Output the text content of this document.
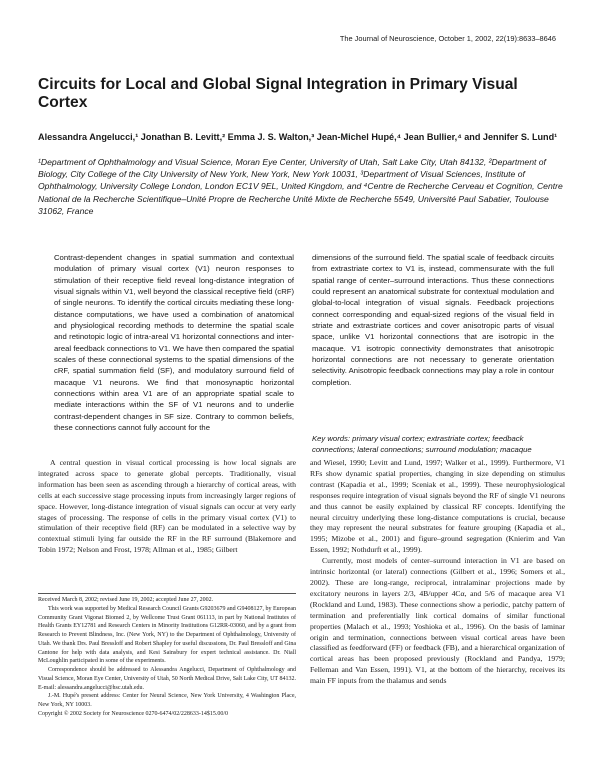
The Journal of Neuroscience, October 1, 2002, 22(19):8633–8646
Circuits for Local and Global Signal Integration in Primary Visual Cortex
Alessandra Angelucci,¹ Jonathan B. Levitt,² Emma J. S. Walton,³ Jean-Michel Hupé,⁴ Jean Bullier,⁴ and Jennifer S. Lund¹
¹Department of Ophthalmology and Visual Science, Moran Eye Center, University of Utah, Salt Lake City, Utah 84132, ²Department of Biology, City College of the City University of New York, New York, New York 10031, ³Department of Visual Sciences, Institute of Ophthalmology, University College London, London EC1V 9EL, United Kingdom, and ⁴Centre de Recherche Cerveau et Cognition, Centre National de la Recherche Scientifique–Unité Propre de Recherche Unité Mixte de Recherche 5549, Université Paul Sabatier, Toulouse 31062, France
Contrast-dependent changes in spatial summation and contextual modulation of primary visual cortex (V1) neuron responses to stimulation of their receptive field reveal long-distance integration of visual signals within V1, well beyond the classical receptive field (cRF) of single neurons. To identify the cortical circuits mediating these long-distance computations, we have used a combination of anatomical and physiological recording methods to determine the spatial scale and retinotopic logic of intra-areal V1 horizontal connections and inter-areal feedback connections to V1. We have then compared the spatial scales of these connectional systems to the spatial dimensions of the cRF, spatial summation field (SF), and modulatory surround field of macaque V1 neurons. We find that monosynaptic horizontal connections within area V1 are of an appropriate spatial scale to mediate interactions within the SF of V1 neurons and to underlie contrast-dependent changes in SF size. Contrary to common beliefs, these connections cannot fully account for the
dimensions of the surround field. The spatial scale of feedback circuits from extrastriate cortex to V1 is, instead, commensurate with the full spatial range of center–surround interactions. Thus these connections could represent an anatomical substrate for contextual modulation and global-to-local integration of visual signals. Feedback projections connect corresponding and equal-sized regions of the visual field in striate and extrastriate cortices and cover anisotropic parts of visual space, unlike V1 horizontal connections that are isotropic in the macaque. V1 isotropic connectivity demonstrates that anisotropic horizontal connections are not necessary to generate orientation selectivity. Anisotropic feedback connections may play a role in contour completion.
Key words: primary visual cortex; extrastriate cortex; feedback connections; lateral connections; surround modulation; macaque

A central question in visual cortical processing is how local signals are integrated across space to generate global percepts. Traditionally, visual information has been seen as ascending through a hierarchy of cortical areas, with cells at each successive stage processing inputs from increasingly larger regions of space. However, long-distance integration of visual signals can occur at very early stages of processing. The response of cells in the primary visual cortex (V1) to stimulation of their receptive field (RF) can be modulated in a selective way by contextual stimuli lying far outside the RF in the RF surround (Blakemore and Tobin 1972; Nelson and Frost, 1978; Allman et al., 1985; Gilbert

and Wiesel, 1990; Levitt and Lund, 1997; Walker et al., 1999). Furthermore, V1 RFs show dynamic spatial properties, changing in size depending on stimulus contrast (Kapadia et al., 1999; Sceniak et al., 1999). These neurophysiological responses require integration of visual signals beyond the RF of single V1 neurons and thus cannot be easily explained by classical RF concepts. Identifying the neural circuitry underlying these long-distance computations is crucial, because they may represent the neural substrates for feature grouping (Kapadia et al., 1995; Mizobe et al., 2001) and figure–ground segregation (Knierim and Van Essen, 1992; Nothdurft et al., 1999).

Currently, most models of center–surround interaction in V1 are based on intrinsic horizontal (or lateral) connections (Gilbert et al., 1996; Somers et al., 2002). These are long-range, reciprocal, intralaminar projections made by excitatory neurons in layers 2/3, 4B/upper 4Cα, and 5/6 of macaque area V1 (Rockland and Lund, 1983). These connections show a periodic, patchy pattern of termination and preferentially link cortical domains of similar functional properties (Malach et al., 1993; Yoshioka et al., 1996). On the basis of laminar origin and termination, connections between visual cortical areas have been classified as feedforward (FF) or feedback (FB), and a hierarchical organization of cortical areas has been proposed previously (Rockland and Pandya, 1979; Felleman and Van Essen, 1991). V1, at the bottom of the hierarchy, receives its main FF inputs from the thalamus and sends

Received March 8, 2002; revised June 19, 2002; accepted June 27, 2002.

This work was supported by Medical Research Council Grants G9203679 and G9408127, by European Community Grant Vigonat Biomed 2, by Wellcome Trust Grant 061113, in part by National Institutes of Health Grants EY12781 and Research Centers in Minority Institutions G12RR-03060, and by a grant from Research to Prevent Blindness, Inc. (New York, NY) to the Department of Ophthalmology, University of Utah. We thank Drs. Paul Bressloff and Robert Shapley for useful discussions, Dr. Paul Bressloff and Gina Cantone for help with data analysis, and Kesi Sainsbury for expert technical assistance. Dr. Niall McLoughlin participated in some of the experiments.

Correspondence should be addressed to Alessandra Angelucci, Department of Ophthalmology and Visual Science, Moran Eye Center, University of Utah, 50 North Medical Drive, Salt Lake City, UT 84132. E-mail: alessandra.angelucci@hsc.utah.edu.

J.-M. Hupé's present address: Center for Neural Science, New York University, 4 Washington Place, New York, NY 10003.

Copyright © 2002 Society for Neuroscience 0270-6474/02/228633-14$15.00/0
